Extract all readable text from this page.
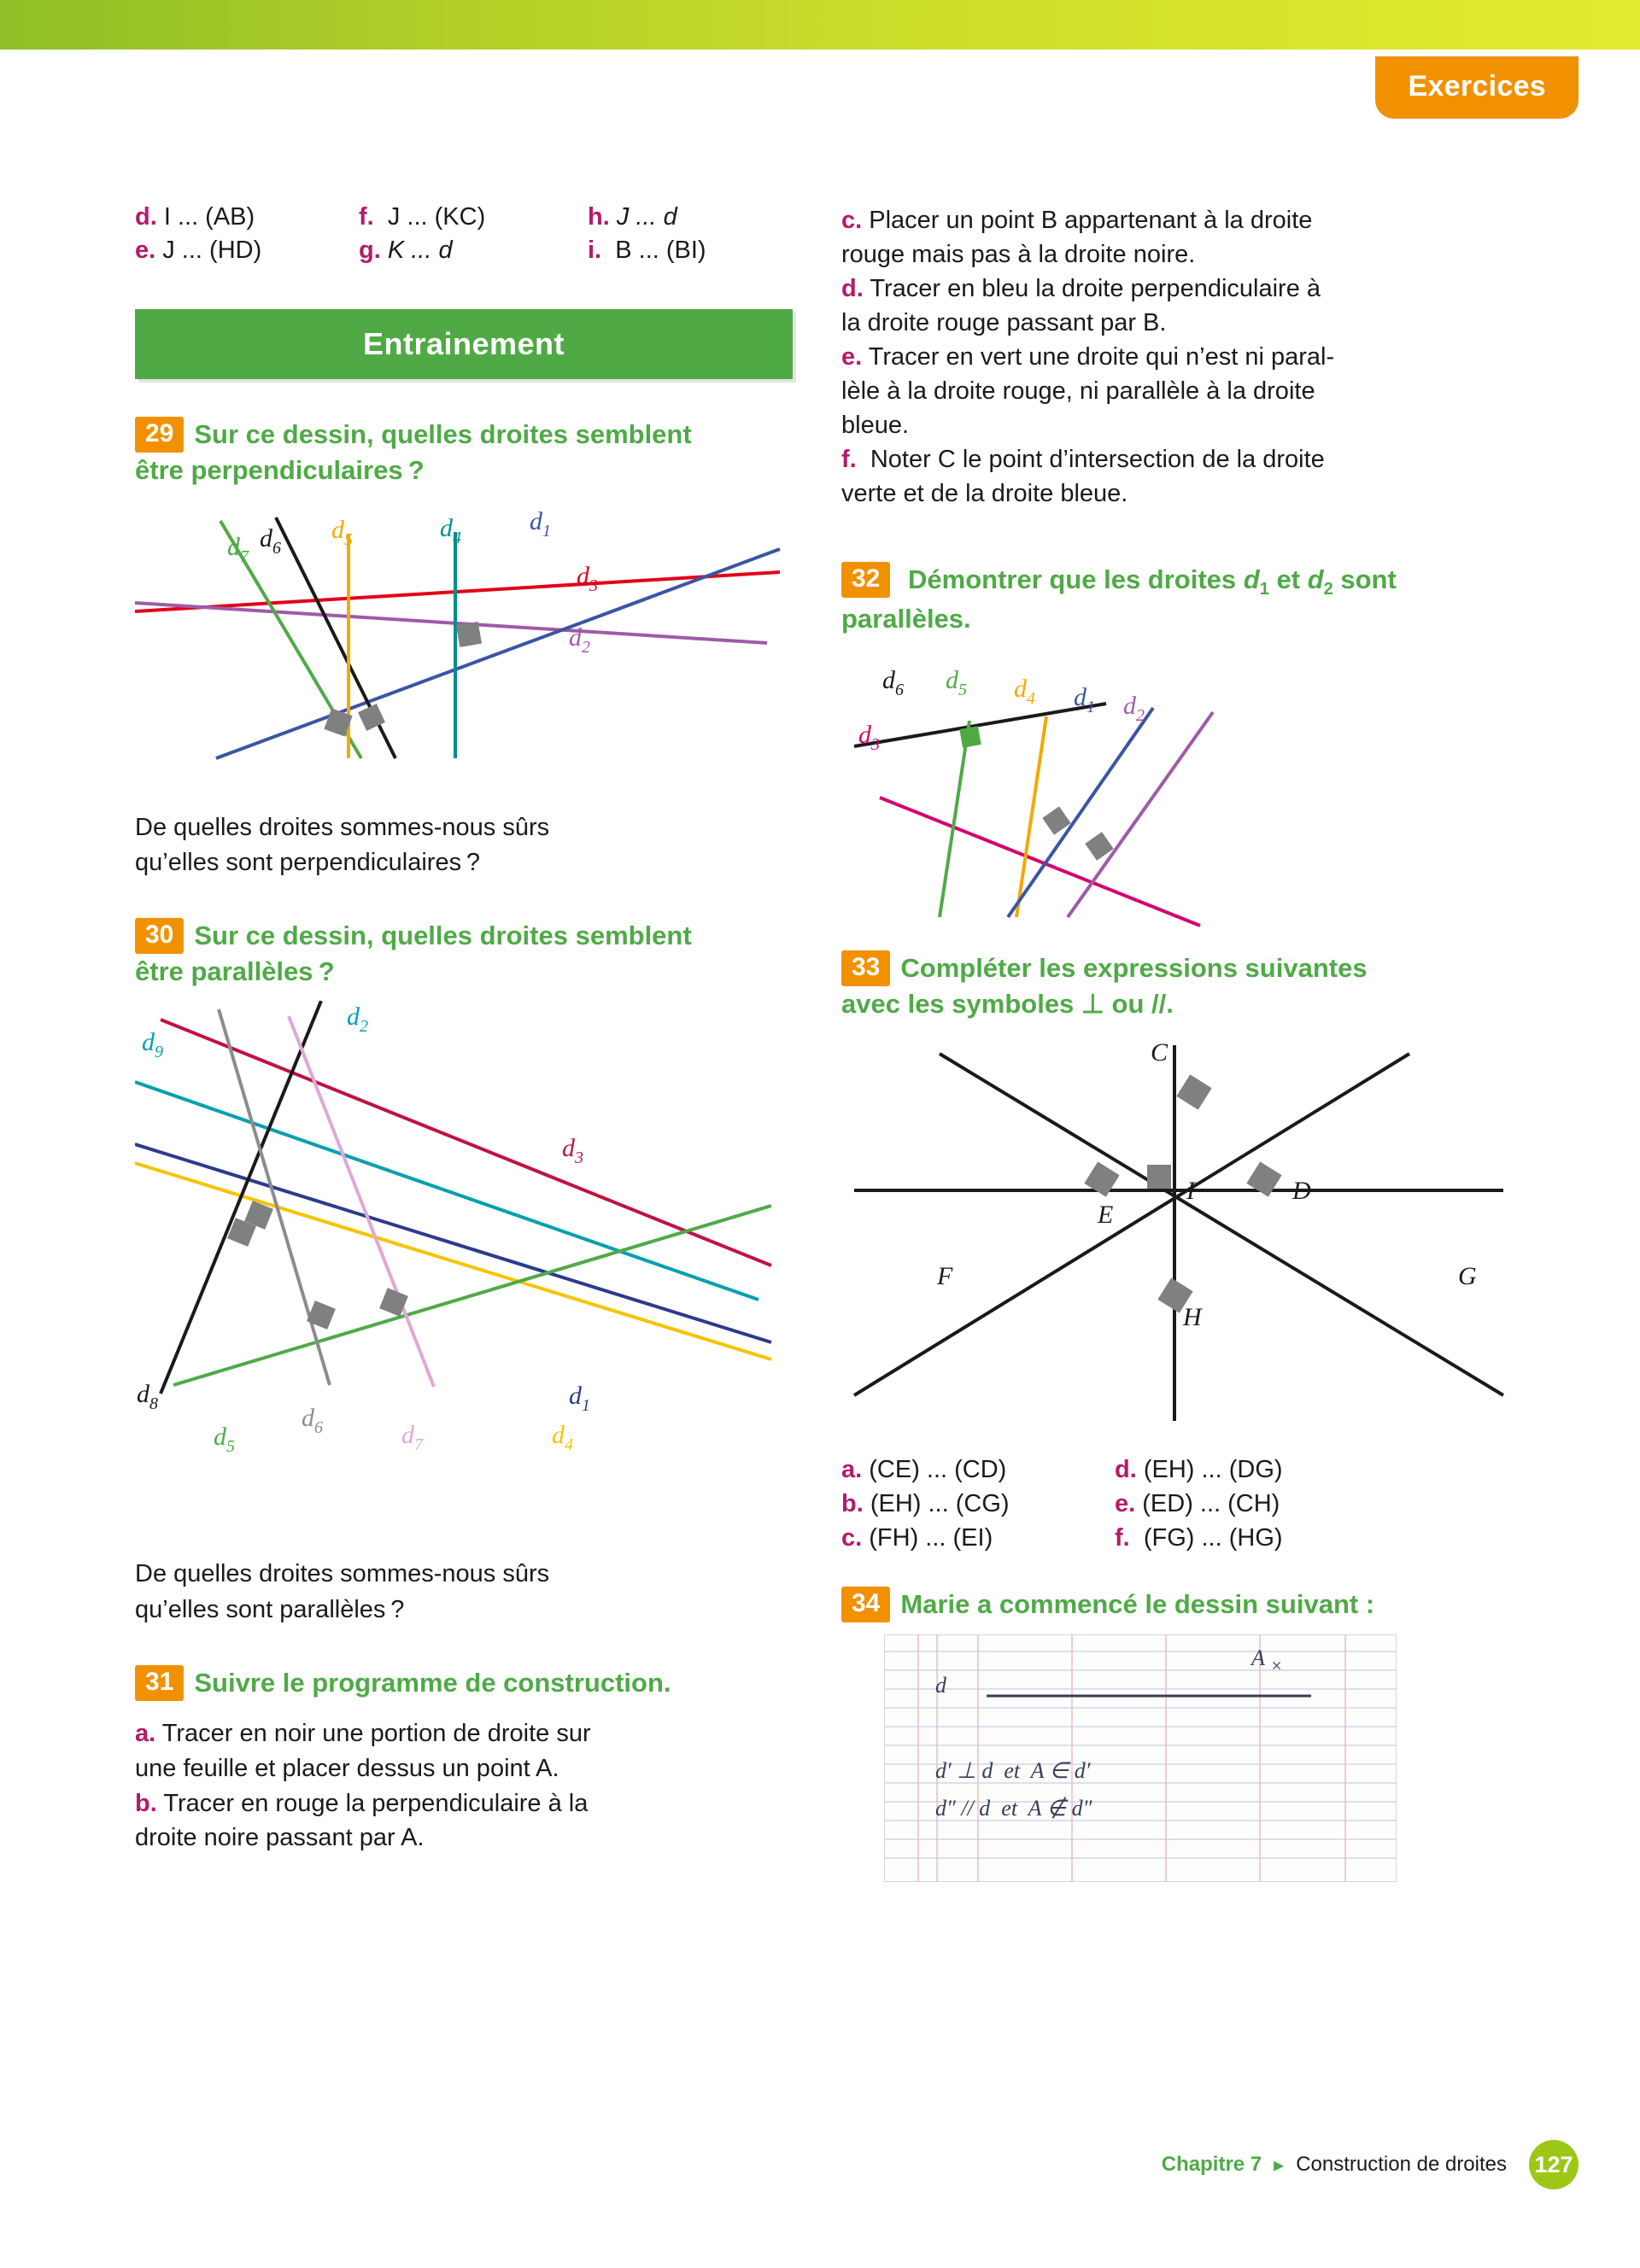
Exercices
d. I ... (AB)	f. J ... (KC)	h. J ... d
e. J ... (HD)	g. K ... d	i. B ... (BI)
Entrainement
29 Sur ce dessin, quelles droites semblent
être perpendiculaires ?
$d_7$
$d_6$
$d_5$	$d_4$
$d_1$
$d_3$
$d_2$
De quelles droites sommes-nous sûrs
qu’elles sont perpendiculaires ?
30 Sur ce dessin, quelles droites semblent
être parallèles ?
$d_9$
$d_2$
$d_3$
$d_8$	$d_6$
$d_5$	$d_7$
$d_1$
$d_4$
De quelles droites sommes-nous sûrs
qu’elles sont parallèles ?
31 Suivre le programme de construction.
a. Tracer en noir une portion de droite sur
une feuille et placer dessus un point A.
b. Tracer en rouge la perpendiculaire à la
droite noire passant par A.
c. Placer un point B appartenant à la droite
rouge mais pas à la droite noire.
d. Tracer en bleu la droite perpendiculaire à
la droite rouge passant par B.
e. Tracer en vert une droite qui n’est ni paral-
lèle à la droite rouge, ni parallèle à la droite
bleue.
f. Noter C le point d’intersection de la droite
verte et de la droite bleue.
32 Démontrer que les droites $d_1$ et $d_2$ sont
parallèles.
$d_6$ $d_5$ $d_4$ $d_1$ $d_2$
$d_3$
33 Compléter les expressions suivantes
avec les symboles ⊥ ou //.
C
I	D
E
F	G
H
a. (CE) ... (CD)	d. (EH) ... (DG)
b. (EH) ... (CG)	e. (ED) ... (CH)
c. (FH) ... (EI)	f. (FG) ... (HG)
34 Marie a commencé le dessin suivant :
A ×
d
d′ ⊥ d  et  A ∈ d′
d″ // d  et  A ∉ d″
Chapitre 7 ▸ Construction de droites 127
